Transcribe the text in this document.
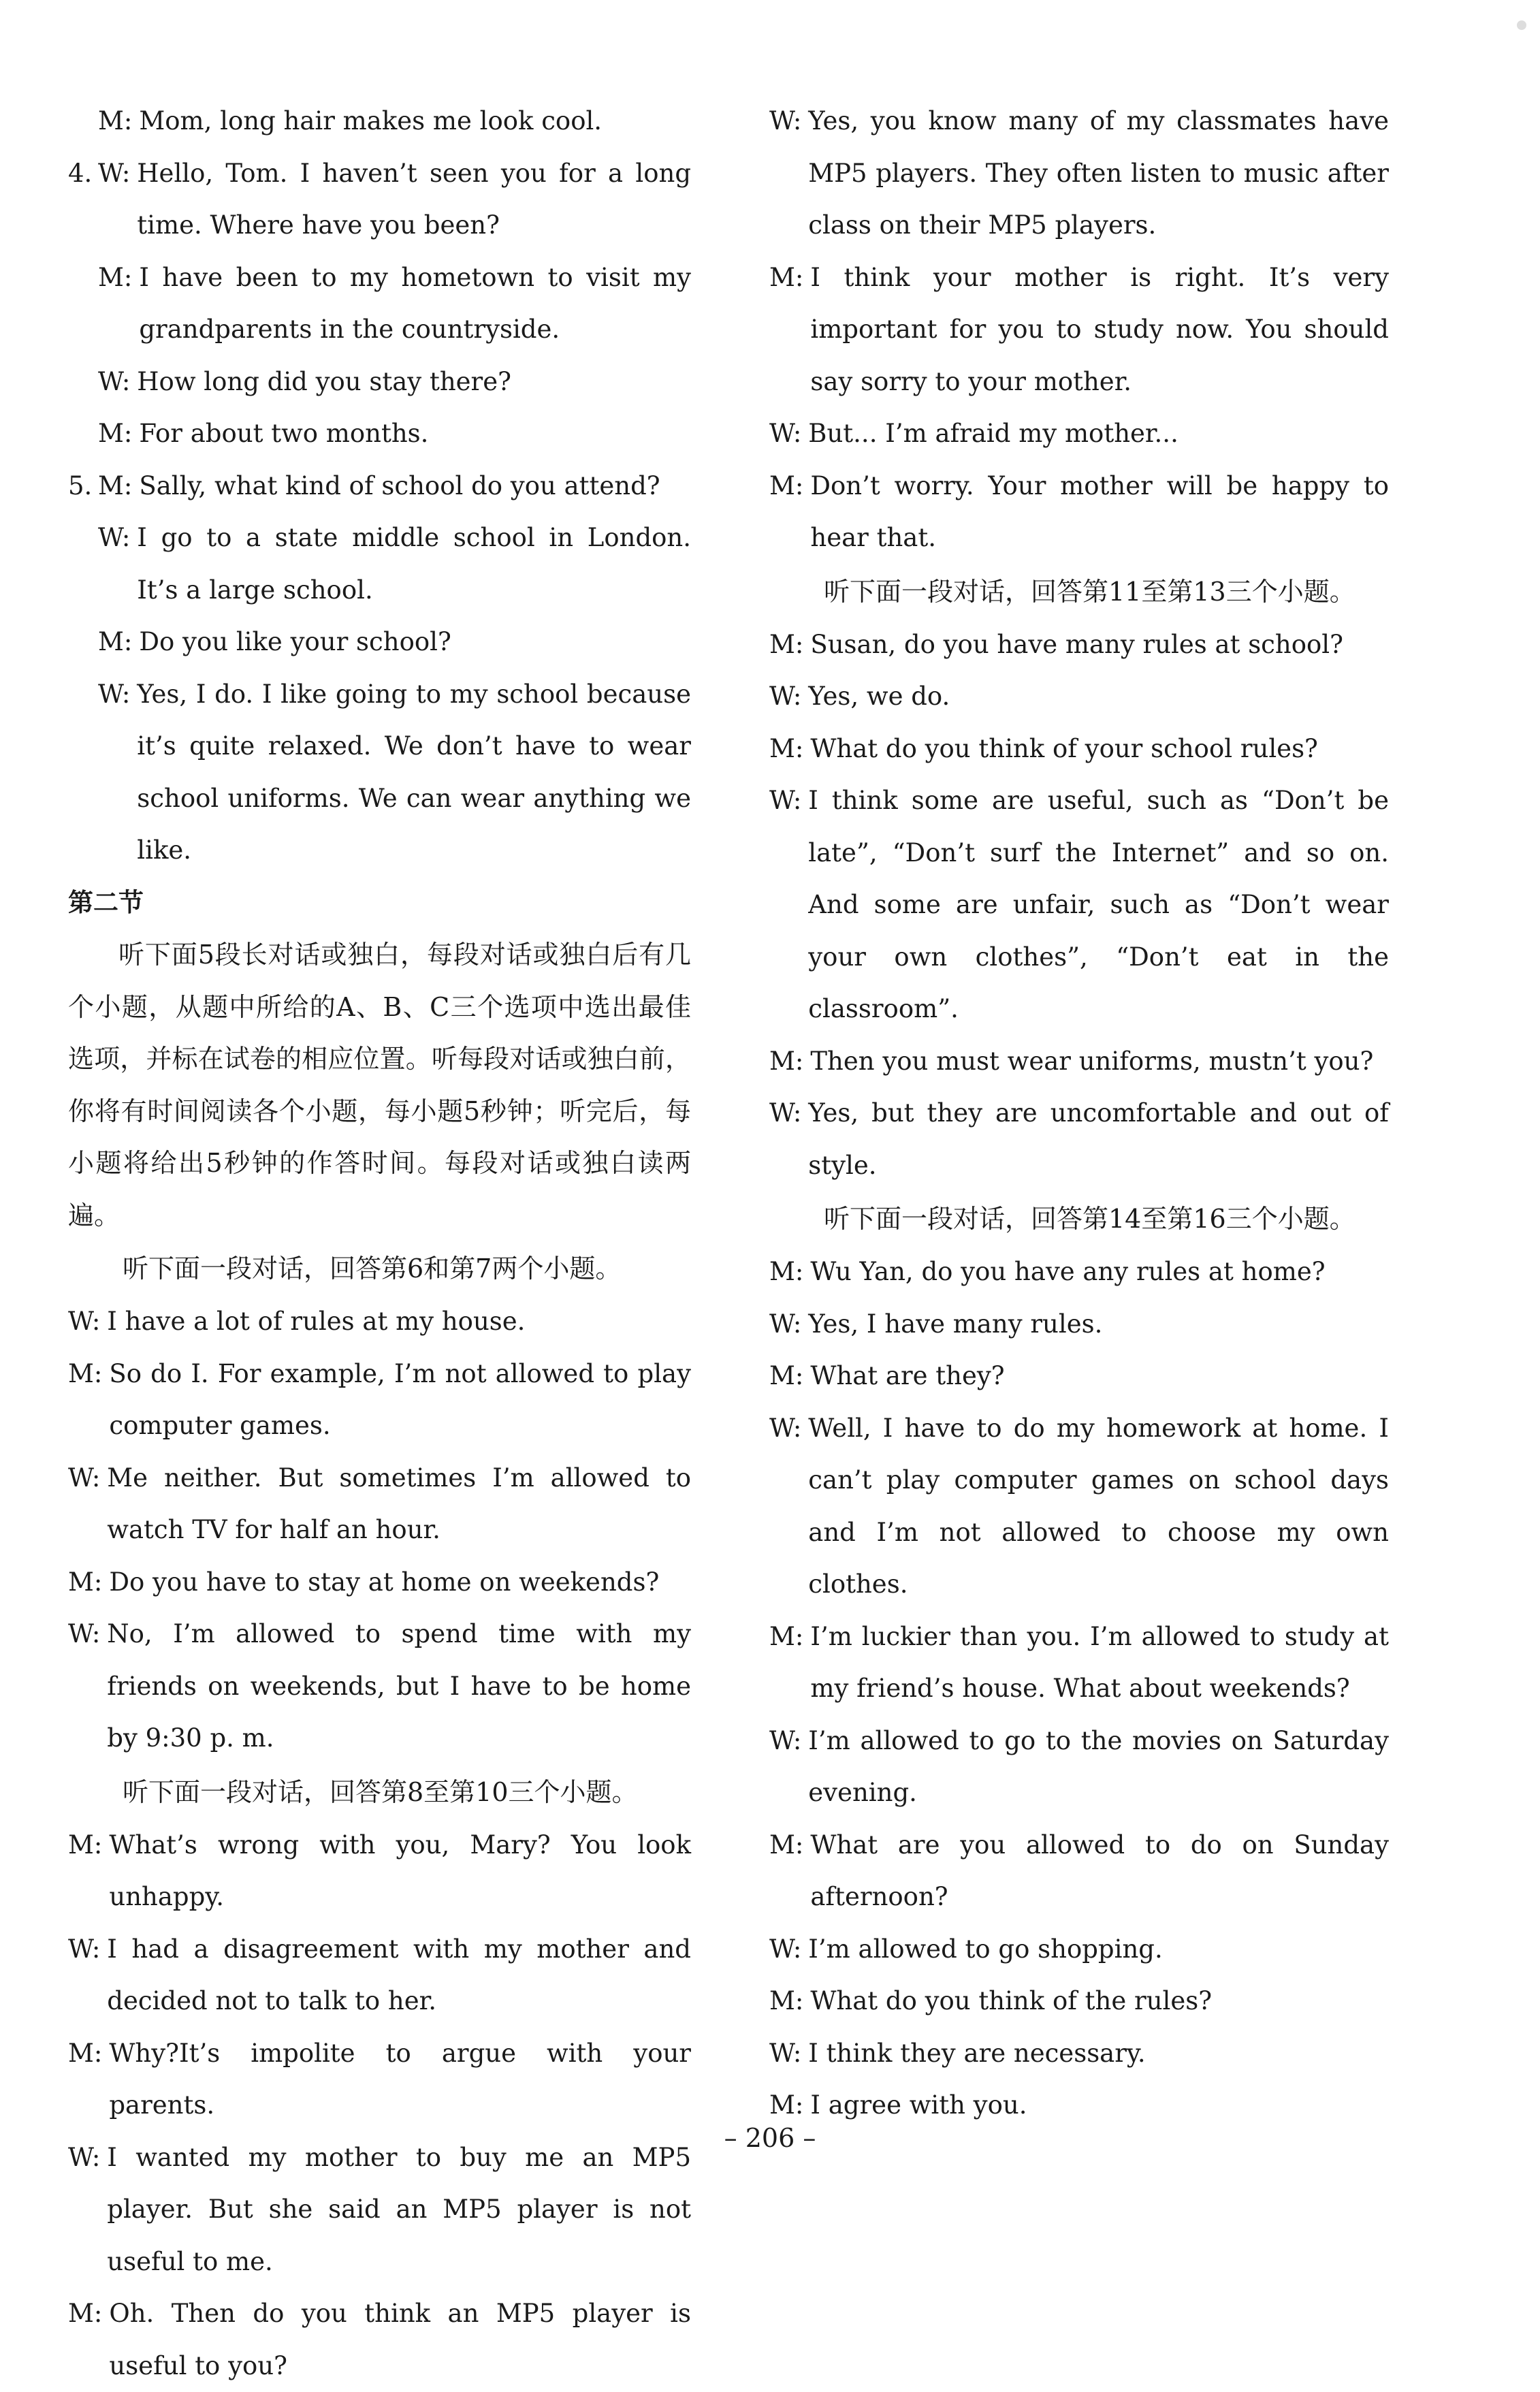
M: Mom, long hair makes me look cool.
4. W: Hello, Tom. I haven’t seen you for a long time. Where have you been?
M: I have been to my hometown to visit my grandparents in the countryside.
W: How long did you stay there?
M: For about two months.
5. M: Sally, what kind of school do you attend?
W: I go to a state middle school in London. It’s a large school.
M: Do you like your school?
W: Yes, I do. I like going to my school because it’s quite relaxed. We don’t have to wear school uniforms. We can wear anything we like.
第二节
听下面5段长对话或独白，每段对话或独白后有几个小题，从题中所给的A、B、C三个选项中选出最佳选项，并标在试卷的相应位置。听每段对话或独白前，你将有时间阅读各个小题，每小题5秒钟；听完后，每小题将给出5秒钟的作答时间。每段对话或独白读两遍。
听下面一段对话，回答第6和第7两个小题。
W: I have a lot of rules at my house.
M: So do I. For example, I’m not allowed to play computer games.
W: Me neither. But sometimes I’m allowed to watch TV for half an hour.
M: Do you have to stay at home on weekends?
W: No, I’m allowed to spend time with my friends on weekends, but I have to be home by 9:30 p. m.
听下面一段对话，回答第8至第10三个小题。
M: What’s wrong with you, Mary? You look unhappy.
W: I had a disagreement with my mother and decided not to talk to her.
M: Why?It’s impolite to argue with your parents.
W: I wanted my mother to buy me an MP5 player. But she said an MP5 player is not useful to me.
M: Oh. Then do you think an MP5 player is useful to you?
W: Yes, you know many of my classmates have MP5 players. They often listen to music after class on their MP5 players.
M: I think your mother is right. It’s very important for you to study now. You should say sorry to your mother.
W: But... I’m afraid my mother...
M: Don’t worry. Your mother will be happy to hear that.
听下面一段对话，回答第11至第13三个小题。
M: Susan, do you have many rules at school?
W: Yes, we do.
M: What do you think of your school rules?
W: I think some are useful, such as “Don’t be late”, “Don’t surf the Internet” and so on. And some are unfair, such as “Don’t wear your own clothes”, “Don’t eat in the classroom”.
M: Then you must wear uniforms, mustn’t you?
W: Yes, but they are uncomfortable and out of style.
听下面一段对话，回答第14至第16三个小题。
M: Wu Yan, do you have any rules at home?
W: Yes, I have many rules.
M: What are they?
W: Well, I have to do my homework at home. I can’t play computer games on school days and I’m not allowed to choose my own clothes.
M: I’m luckier than you. I’m allowed to study at my friend’s house. What about weekends?
W: I’m allowed to go to the movies on Saturday evening.
M: What are you allowed to do on Sunday afternoon?
W: I’m allowed to go shopping.
M: What do you think of the rules?
W: I think they are necessary.
M: I agree with you.
– 206 –
